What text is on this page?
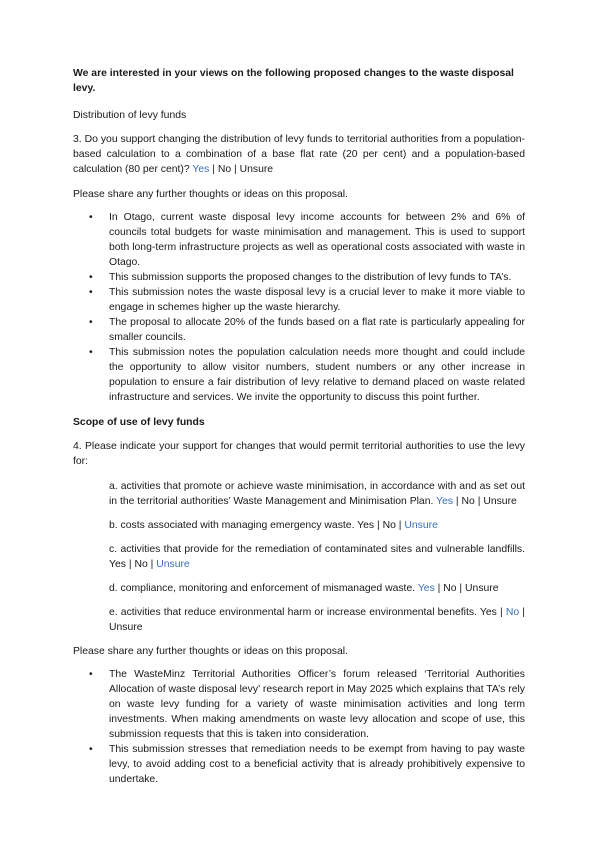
We are interested in your views on the following proposed changes to the waste disposal levy.

Distribution of levy funds

3. Do you support changing the distribution of levy funds to territorial authorities from a population-based calculation to a combination of a base flat rate (20 per cent) and a population-based calculation (80 per cent)? Yes | No | Unsure

Please share any further thoughts or ideas on this proposal.

• In Otago, current waste disposal levy income accounts for between 2% and 6% of councils total budgets for waste minimisation and management. This is used to support both long-term infrastructure projects as well as operational costs associated with waste in Otago.
• This submission supports the proposed changes to the distribution of levy funds to TA’s.
• This submission notes the waste disposal levy is a crucial lever to make it more viable to engage in schemes higher up the waste hierarchy.
• The proposal to allocate 20% of the funds based on a flat rate is particularly appealing for smaller councils.
• This submission notes the population calculation needs more thought and could include the opportunity to allow visitor numbers, student numbers or any other increase in population to ensure a fair distribution of levy relative to demand placed on waste related infrastructure and services. We invite the opportunity to discuss this point further.

Scope of use of levy funds

4. Please indicate your support for changes that would permit territorial authorities to use the levy for:

a. activities that promote or achieve waste minimisation, in accordance with and as set out in the territorial authorities’ Waste Management and Minimisation Plan. Yes | No | Unsure

b. costs associated with managing emergency waste. Yes | No | Unsure

c. activities that provide for the remediation of contaminated sites and vulnerable landfills. Yes | No | Unsure

d. compliance, monitoring and enforcement of mismanaged waste. Yes | No | Unsure

e. activities that reduce environmental harm or increase environmental benefits. Yes | No | Unsure

Please share any further thoughts or ideas on this proposal.

• The WasteMinz Territorial Authorities Officer’s forum released ‘Territorial Authorities Allocation of waste disposal levy’ research report in May 2025 which explains that TA’s rely on waste levy funding for a variety of waste minimisation activities and long term investments. When making amendments on waste levy allocation and scope of use, this submission requests that this is taken into consideration.
• This submission stresses that remediation needs to be exempt from having to pay waste levy, to avoid adding cost to a beneficial activity that is already prohibitively expensive to undertake.
